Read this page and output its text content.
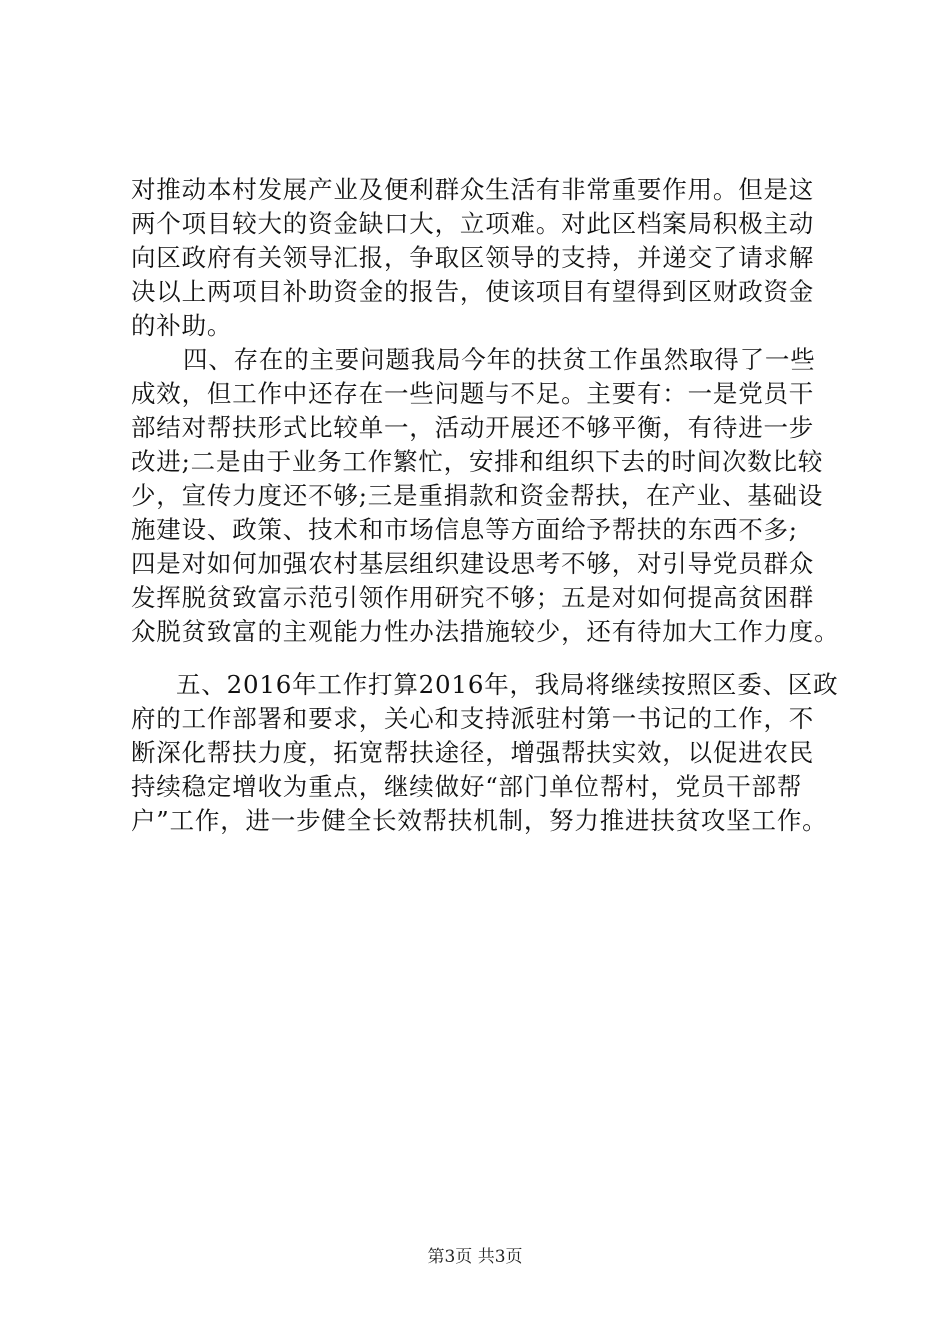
对推动本村发展产业及便利群众生活有非常重要作用。但是这
两个项目较大的资金缺口大，立项难。对此区档案局积极主动
向区政府有关领导汇报，争取区领导的支持，并递交了请求解
决以上两项目补助资金的报告，使该项目有望得到区财政资金
的补助。
四、存在的主要问题我局今年的扶贫工作虽然取得了一些
成效，但工作中还存在一些问题与不足。主要有：一是党员干
部结对帮扶形式比较单一，活动开展还不够平衡，有待进一步
改进;二是由于业务工作繁忙，安排和组织下去的时间次数比较
少，宣传力度还不够;三是重捐款和资金帮扶，在产业、基础设
施建设、政策、技术和市场信息等方面给予帮扶的东西不多;
四是对如何加强农村基层组织建设思考不够，对引导党员群众
发挥脱贫致富示范引领作用研究不够；五是对如何提高贫困群
众脱贫致富的主观能力性办法措施较少，还有待加大工作力度。
五、2016年工作打算2016年，我局将继续按照区委、区政
府的工作部署和要求，关心和支持派驻村第一书记的工作，不
断深化帮扶力度，拓宽帮扶途径，增强帮扶实效，以促进农民
持续稳定增收为重点，继续做好“部门单位帮村，党员干部帮
户”工作，进一步健全长效帮扶机制，努力推进扶贫攻坚工作。
第3页 共3页
